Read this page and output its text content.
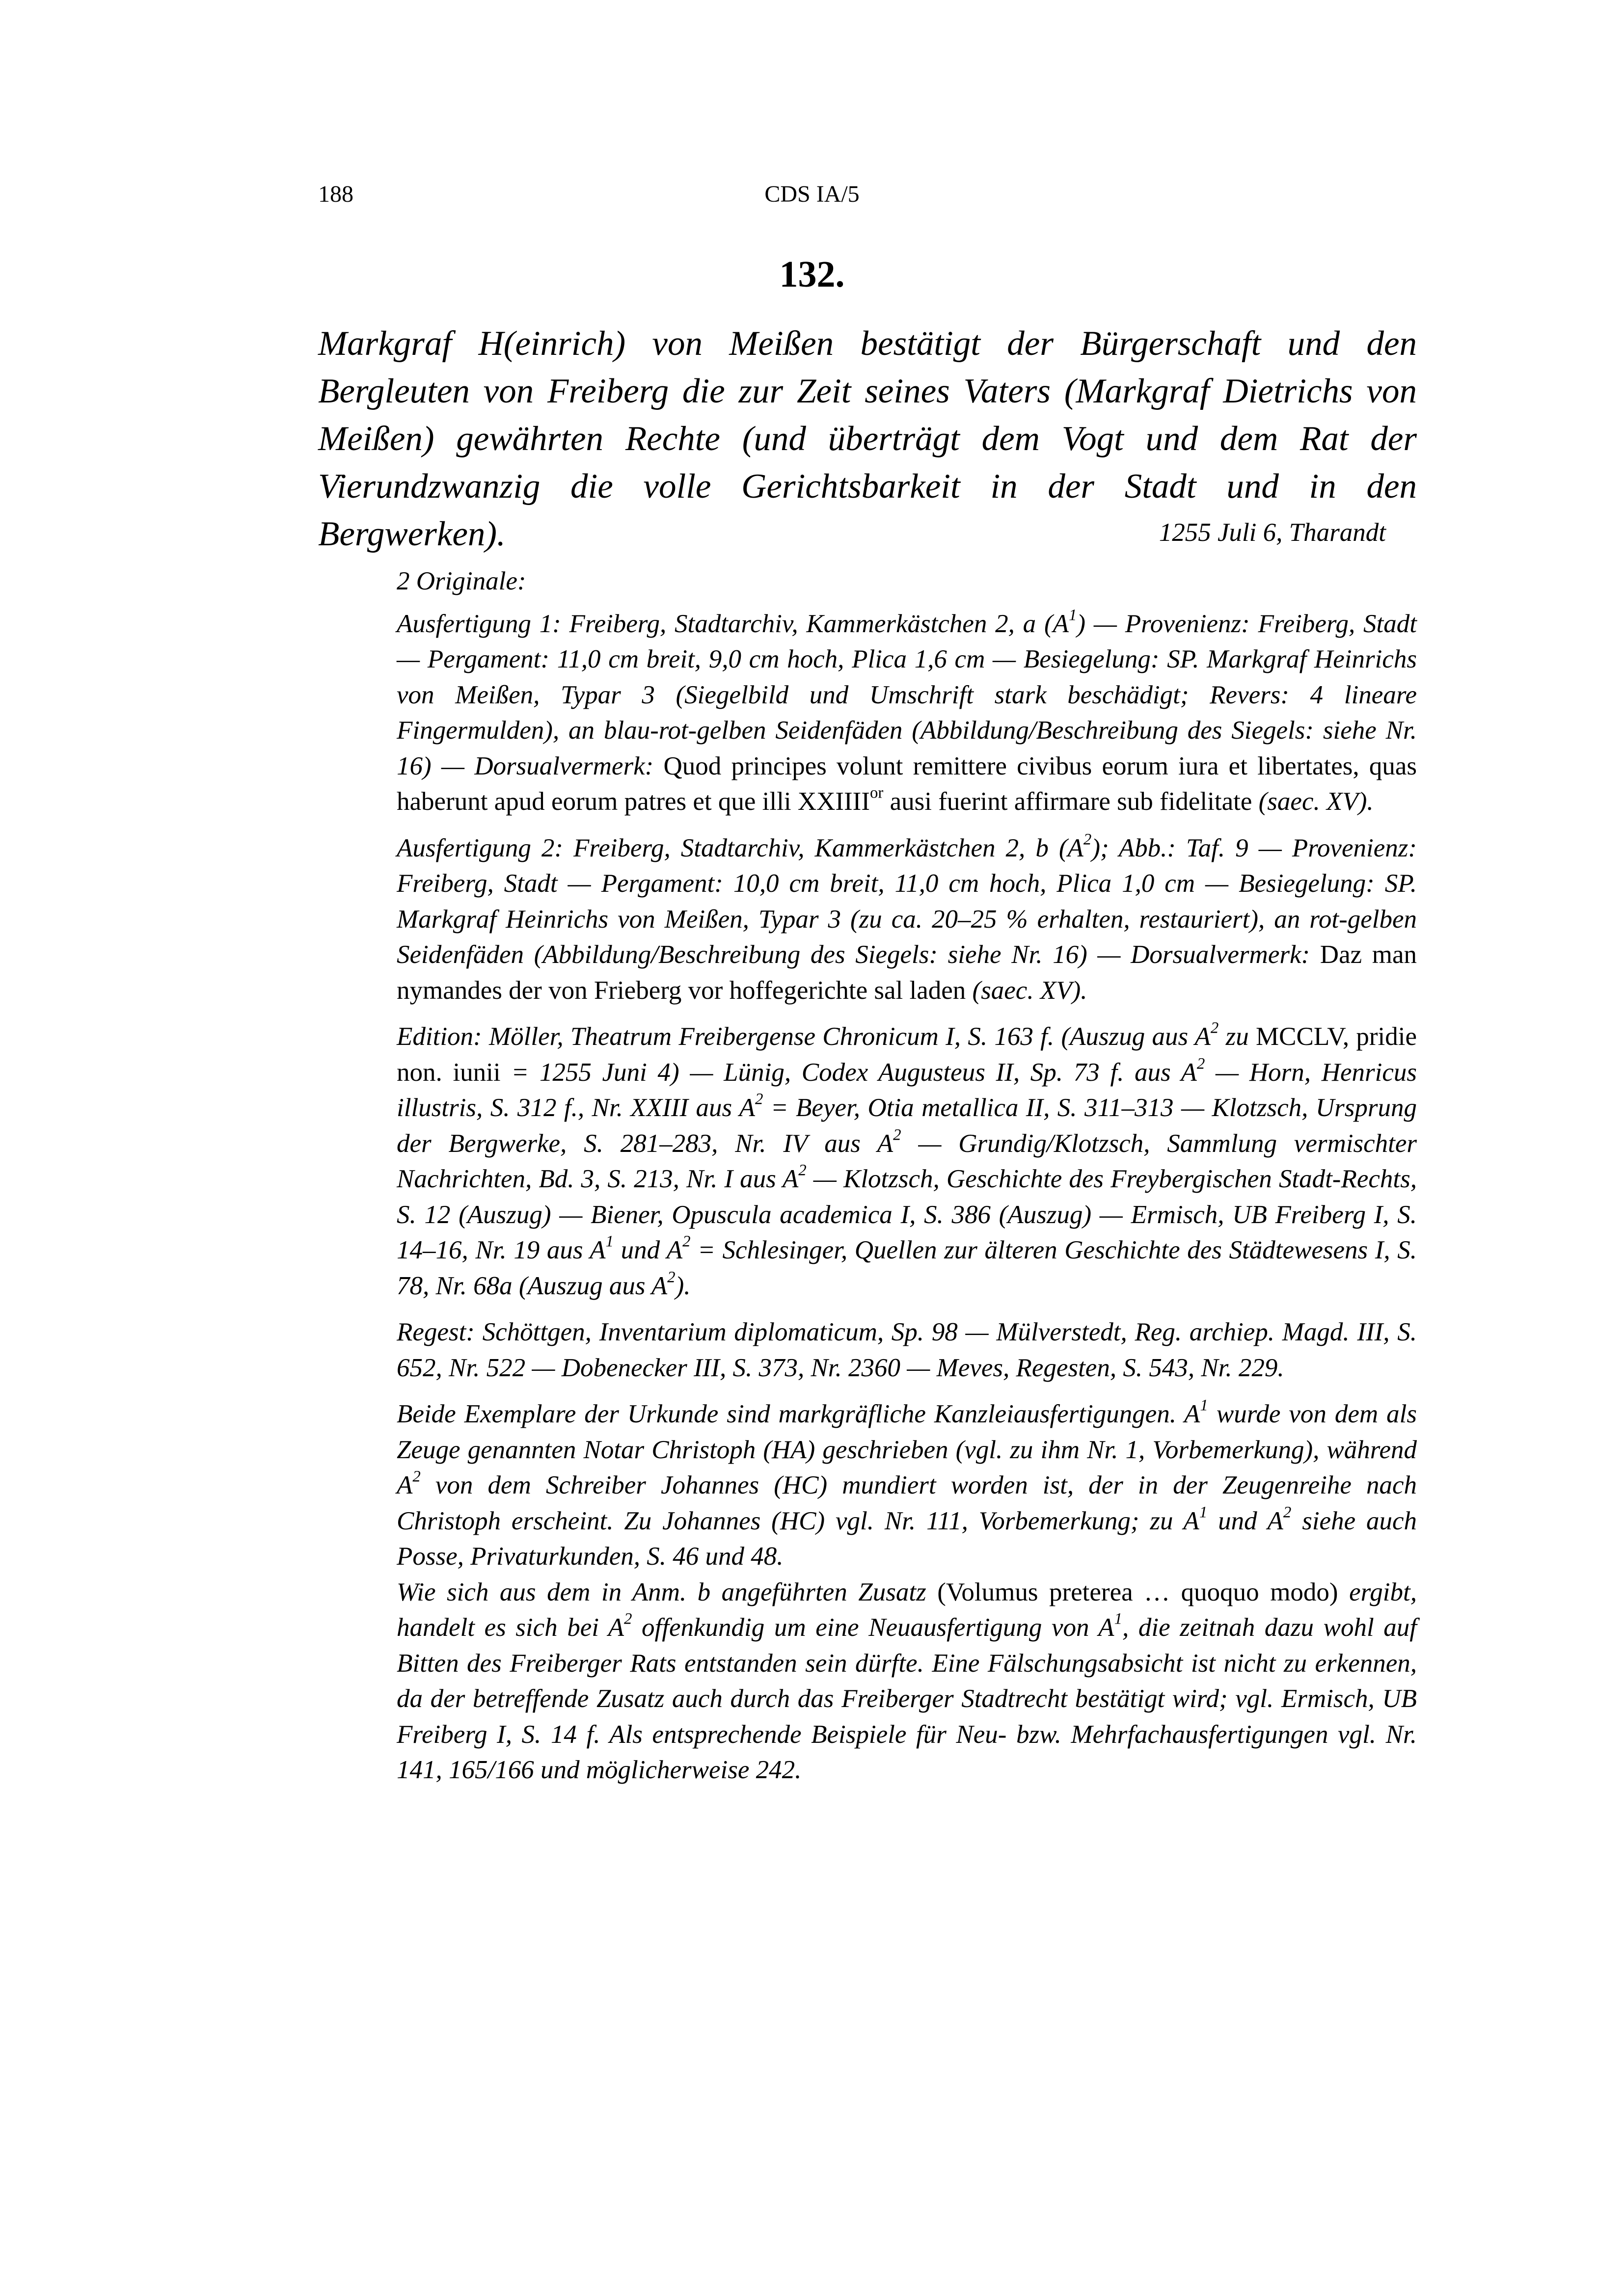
188	CDS IA/5
132.
Markgraf H(einrich) von Meißen bestätigt der Bürgerschaft und den Bergleuten von Freiberg die zur Zeit seines Vaters (Markgraf Dietrichs von Meißen) gewährten Rechte (und überträgt dem Vogt und dem Rat der Vierundzwanzig die volle Gerichtsbarkeit in der Stadt und in den Bergwerken).	1255 Juli 6, Tharandt

2 Originale:

Ausfertigung 1: Freiberg, Stadtarchiv, Kammerkästchen 2, a $(A^1)$ — Provenienz: Freiberg, Stadt — Pergament: 11,0 cm breit, 9,0 cm hoch, Plica 1,6 cm — Besiegelung: SP. Markgraf Heinrichs von Meißen, Typar 3 (Siegelbild und Umschrift stark beschädigt; Revers: 4 lineare Fingermulden), an blau-rot-gelben Seidenfäden (Abbildung/Beschreibung des Siegels: siehe Nr. 16) — Dorsualvermerk: Quod principes volunt remittere civibus eorum iura et libertates, quas haberunt apud eorum patres et que illi $XXIIII^{or}$ ausi fuerint affirmare sub fidelitate (saec. XV).

Ausfertigung 2: Freiberg, Stadtarchiv, Kammerkästchen 2, b $(A^2)$; Abb.: Taf. 9 — Provenienz: Freiberg, Stadt — Pergament: 10,0 cm breit, 11,0 cm hoch, Plica 1,0 cm — Besiegelung: SP. Markgraf Heinrichs von Meißen, Typar 3 (zu ca. 20–25 % erhalten, restauriert), an rot-gelben Seidenfäden (Abbildung/Beschreibung des Siegels: siehe Nr. 16) — Dorsualvermerk: Daz man nymandes der von Frieberg vor hoffegerichte sal laden (saec. XV).

Edition: Möller, Theatrum Freibergense Chronicum I, S. 163 f. (Auszug aus $A^2$ zu MCCLV, pridie non. iunii = 1255 Juni 4) — Lünig, Codex Augusteus II, Sp. 73 f. aus $A^2$ — Horn, Henricus illustris, S. 312 f., Nr. XXIII aus $A^2$ = Beyer, Otia metallica II, S. 311–313 — Klotzsch, Ursprung der Bergwerke, S. 281–283, Nr. IV aus $A^2$ — Grundig/Klotzsch, Sammlung vermischter Nachrichten, Bd. 3, S. 213, Nr. I aus $A^2$ — Klotzsch, Geschichte des Freybergischen Stadt-Rechts, S. 12 (Auszug) — Biener, Opuscula academica I, S. 386 (Auszug) — Ermisch, UB Freiberg I, S. 14–16, Nr. 19 aus $A^1$ und $A^2$ = Schlesinger, Quellen zur älteren Geschichte des Städtewesens I, S. 78, Nr. 68a (Auszug aus $A^2$).

Regest: Schöttgen, Inventarium diplomaticum, Sp. 98 — Mülverstedt, Reg. archiep. Magd. III, S. 652, Nr. 522 — Dobenecker III, S. 373, Nr. 2360 — Meves, Regesten, S. 543, Nr. 229.

Beide Exemplare der Urkunde sind markgräfliche Kanzleiausfertigungen. $A^1$ wurde von dem als Zeuge genannten Notar Christoph (HA) geschrieben (vgl. zu ihm Nr. 1, Vorbemerkung), während $A^2$ von dem Schreiber Johannes (HC) mundiert worden ist, der in der Zeugenreihe nach Christoph erscheint. Zu Johannes (HC) vgl. Nr. 111, Vorbemerkung; zu $A^1$ und $A^2$ siehe auch Posse, Privaturkunden, S. 46 und 48.

Wie sich aus dem in Anm. b angeführten Zusatz (Volumus preterea … quoquo modo) ergibt, handelt es sich bei $A^2$ offenkundig um eine Neuausfertigung von $A^1$, die zeitnah dazu wohl auf Bitten des Freiberger Rats entstanden sein dürfte. Eine Fälschungsabsicht ist nicht zu erkennen, da der betreffende Zusatz auch durch das Freiberger Stadtrecht bestätigt wird; vgl. Ermisch, UB Freiberg I, S. 14 f. Als entsprechende Beispiele für Neu- bzw. Mehrfachausfertigungen vgl. Nr. 141, 165/166 und möglicherweise 242.
